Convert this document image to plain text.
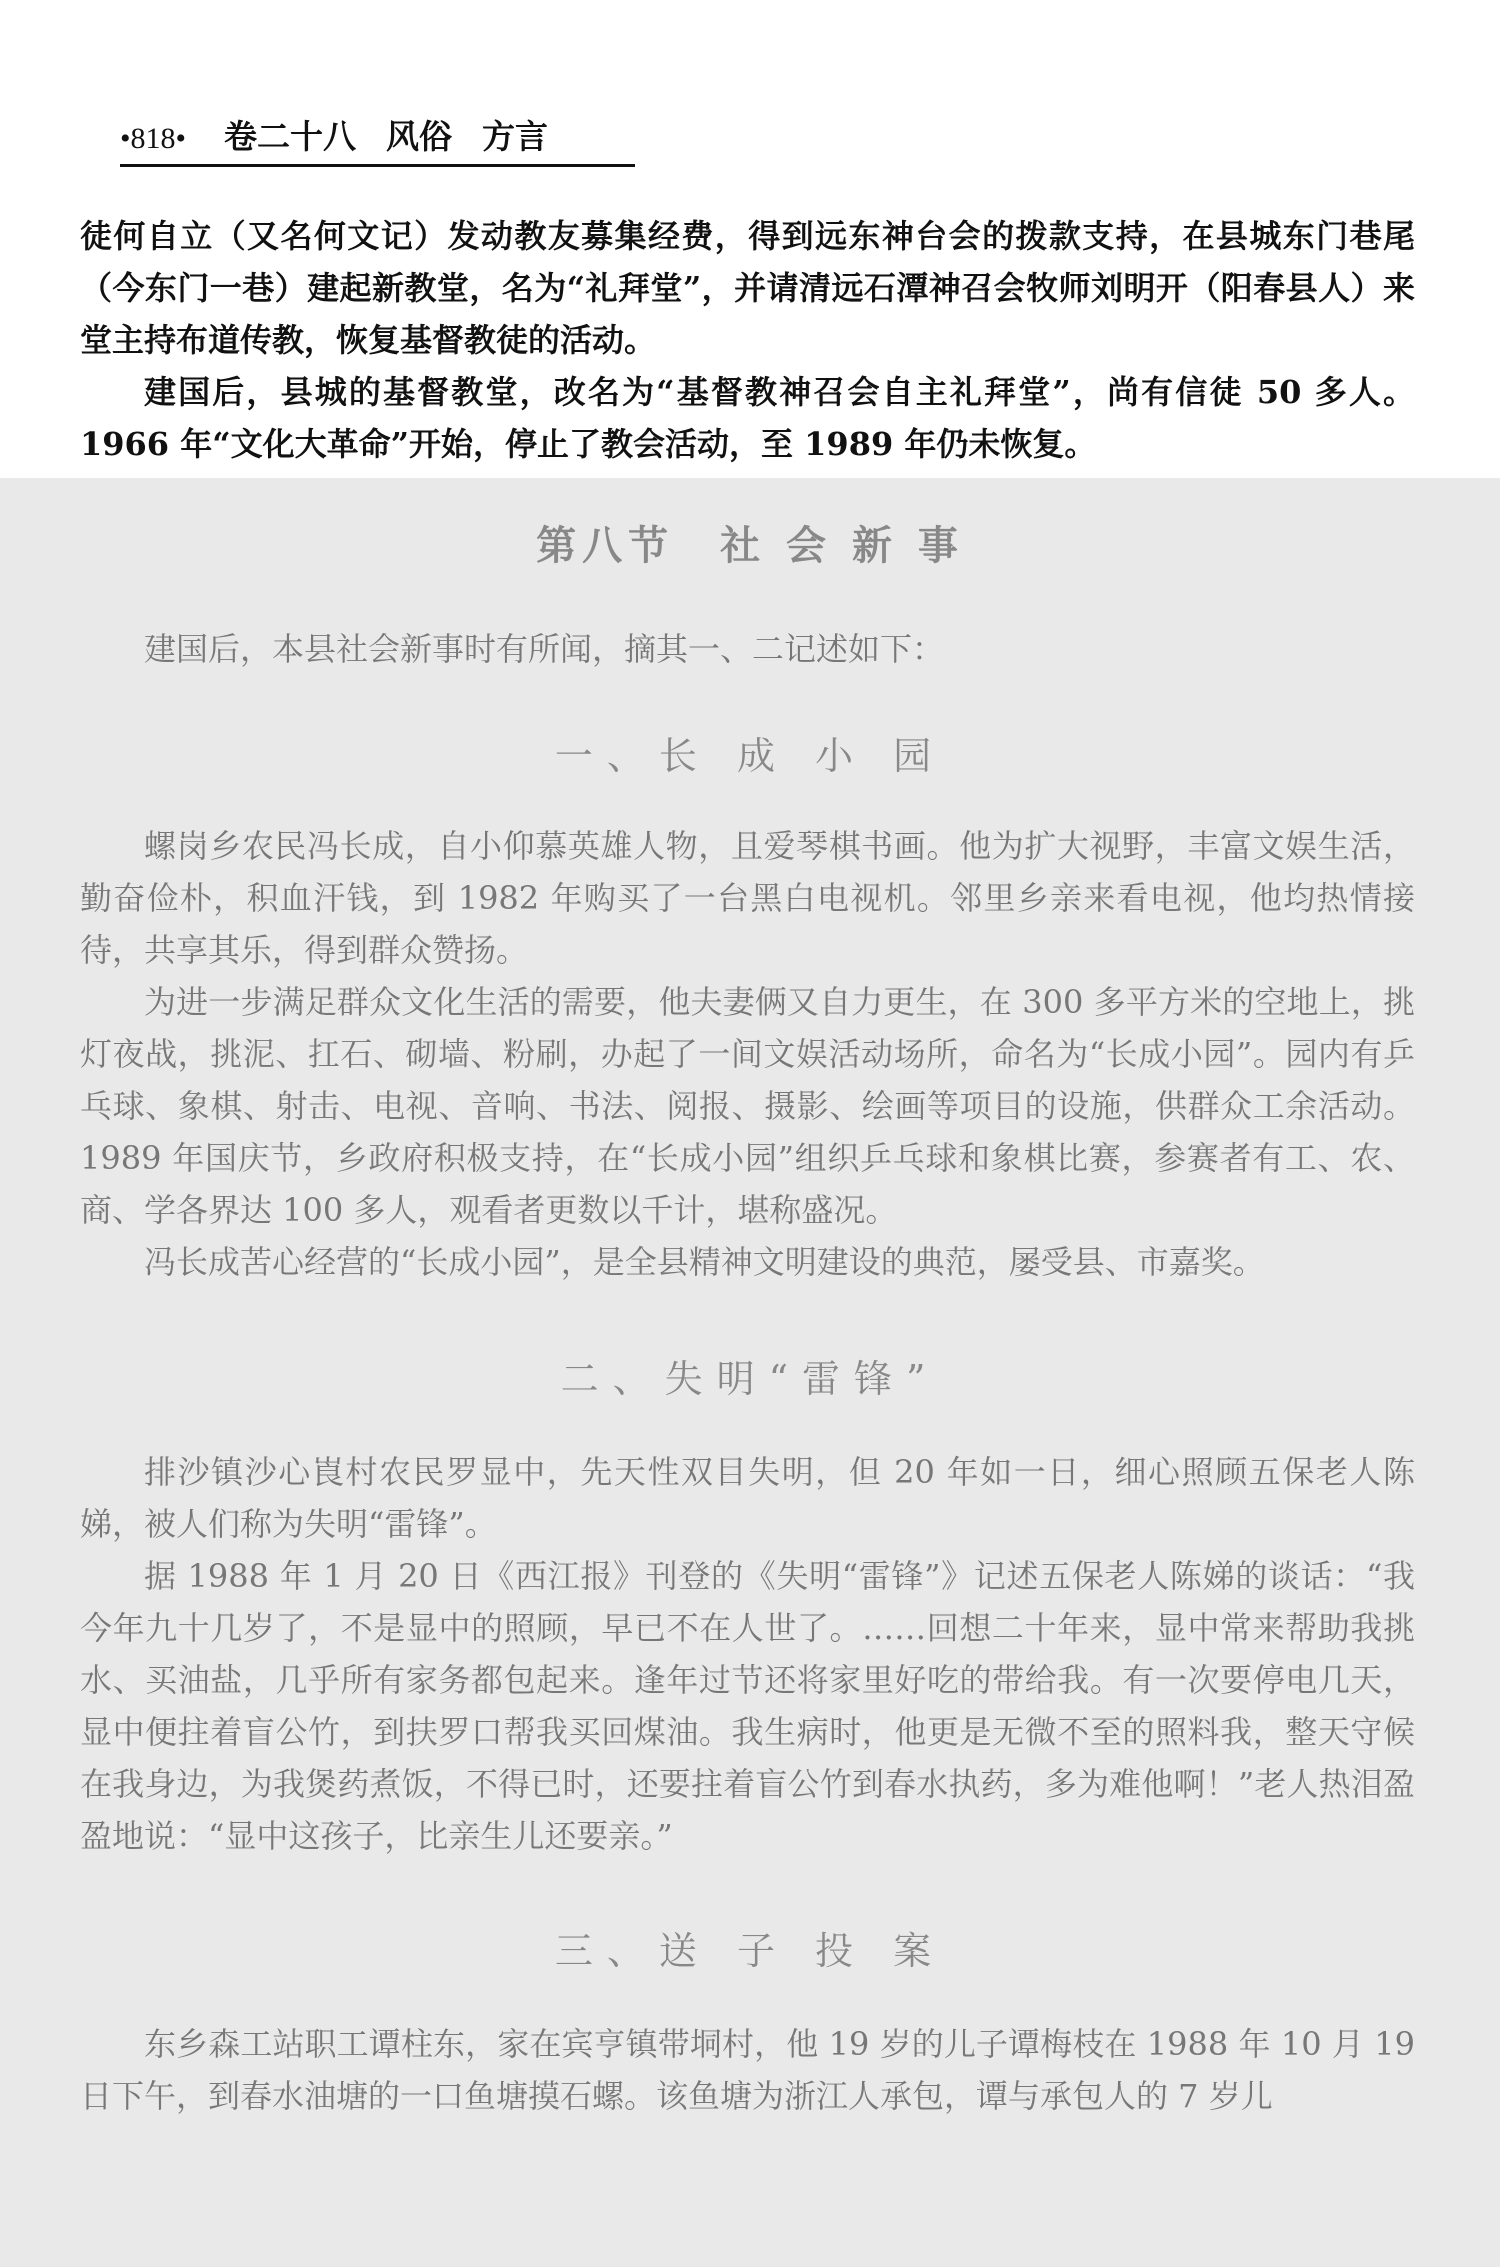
•818• 卷二十八 风俗 方言

徒何自立（又名何文记）发动教友募集经费，得到远东神台会的拨款支持，在县城东门巷尾（今东门一巷）建起新教堂，名为“礼拜堂”，并请清远石潭神召会牧师刘明开（阳春县人）来堂主持布道传教，恢复基督教徒的活动。

建国后，县城的基督教堂，改名为“基督教神召会自主礼拜堂”，尚有信徒 50 多人。1966 年“文化大革命”开始，停止了教会活动，至 1989 年仍未恢复。

第八节　社 会 新 事

建国后，本县社会新事时有所闻，摘其一、二记述如下：

一、长 成 小 园

螺岗乡农民冯长成，自小仰慕英雄人物，且爱琴棋书画。他为扩大视野，丰富文娱生活，勤奋俭朴，积血汗钱，到 1982 年购买了一台黑白电视机。邻里乡亲来看电视，他均热情接待，共享其乐，得到群众赞扬。

为进一步满足群众文化生活的需要，他夫妻俩又自力更生，在 300 多平方米的空地上，挑灯夜战，挑泥、扛石、砌墙、粉刷，办起了一间文娱活动场所，命名为“长成小园”。园内有乒乓球、象棋、射击、电视、音响、书法、阅报、摄影、绘画等项目的设施，供群众工余活动。1989 年国庆节，乡政府积极支持，在“长成小园”组织乒乓球和象棋比赛，参赛者有工、农、商、学各界达 100 多人，观看者更数以千计，堪称盛况。

冯长成苦心经营的“长成小园”，是全县精神文明建设的典范，屡受县、市嘉奖。

二、失明“雷锋”

排沙镇沙心崀村农民罗显中，先天性双目失明，但 20 年如一日，细心照顾五保老人陈娣，被人们称为失明“雷锋”。

据 1988 年 1 月 20 日《西江报》刊登的《失明“雷锋”》记述五保老人陈娣的谈话：“我今年九十几岁了，不是显中的照顾，早已不在人世了。……回想二十年来，显中常来帮助我挑水、买油盐，几乎所有家务都包起来。逢年过节还将家里好吃的带给我。有一次要停电几天，显中便拄着盲公竹，到扶罗口帮我买回煤油。我生病时，他更是无微不至的照料我，整天守候在我身边，为我煲药煮饭，不得已时，还要拄着盲公竹到春水执药，多为难他啊！”老人热泪盈盈地说：“显中这孩子，比亲生儿还要亲。”

三、送 子 投 案

东乡森工站职工谭柱东，家在宾亨镇带垌村，他 19 岁的儿子谭梅枝在 1988 年 10 月 19 日下午，到春水油塘的一口鱼塘摸石螺。该鱼塘为浙江人承包，谭与承包人的 7 岁儿
